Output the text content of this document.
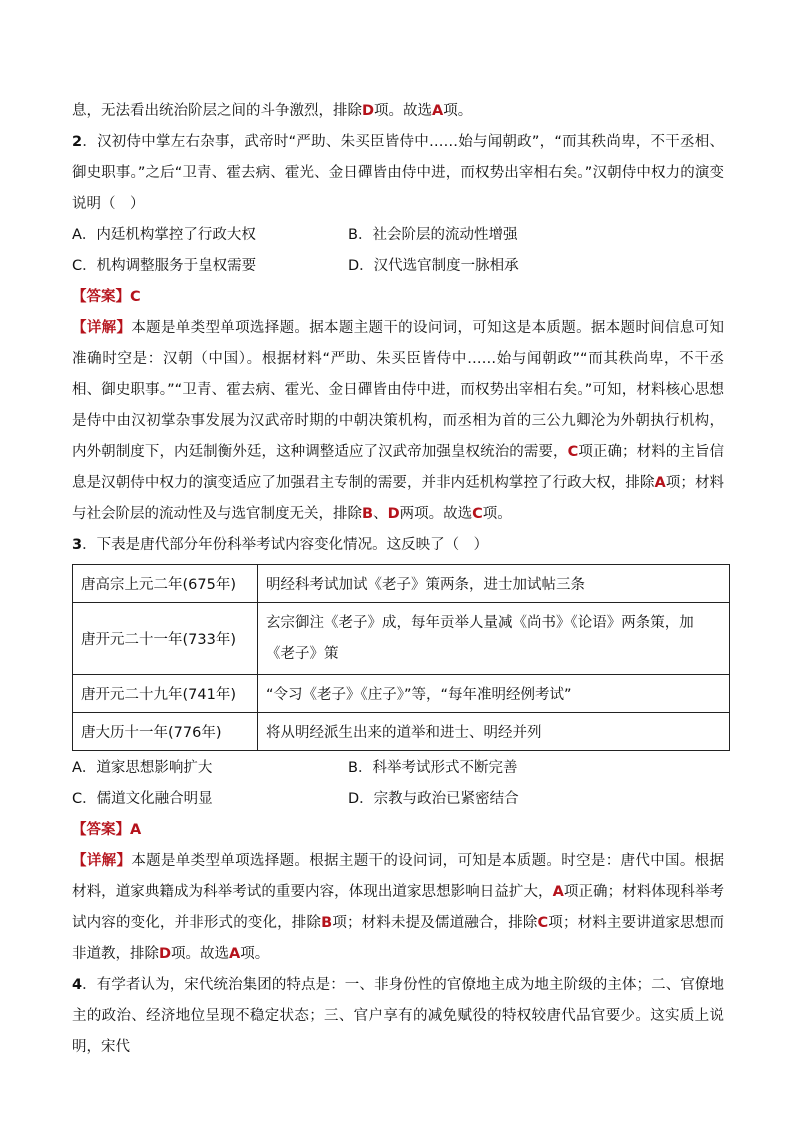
息，无法看出统治阶层之间的斗争激烈，排除D项。故选A项。

2．汉初侍中掌左右杂事，武帝时“严助、朱买臣皆侍中……始与闻朝政”，“而其秩尚卑，不干丞相、御史职事。”之后“卫青、霍去病、霍光、金日磾皆由侍中进，而权势出宰相右矣。”汉朝侍中权力的演变说明（　）

A．内廷机构掌控了行政大权	B．社会阶层的流动性增强
C．机构调整服务于皇权需要	D．汉代选官制度一脉相承

【答案】C

【详解】本题是单类型单项选择题。据本题主题干的设问词，可知这是本质题。据本题时间信息可知准确时空是：汉朝（中国）。根据材料“严助、朱买臣皆侍中……始与闻朝政”“而其秩尚卑，不干丞相、御史职事。”“卫青、霍去病、霍光、金日磾皆由侍中进，而权势出宰相右矣。”可知，材料核心思想是侍中由汉初掌杂事发展为汉武帝时期的中朝决策机构，而丞相为首的三公九卿沦为外朝执行机构，内外朝制度下，内廷制衡外廷，这种调整适应了汉武帝加强皇权统治的需要，C项正确；材料的主旨信息是汉朝侍中权力的演变适应了加强君主专制的需要，并非内廷机构掌控了行政大权，排除A项；材料与社会阶层的流动性及与选官制度无关，排除B、D两项。故选C项。

3．下表是唐代部分年份科举考试内容变化情况。这反映了（　）

唐高宗上元二年(675年)	明经科考试加试《老子》策两条，进士加试帖三条
唐开元二十一年(733年)	玄宗御注《老子》成，每年贡举人量减《尚书》《论语》两条策，加《老子》策
唐开元二十九年(741年)	“令习《老子》《庄子》”等，“每年准明经例考试”
唐大历十一年(776年)	将从明经派生出来的道举和进士、明经并列
A．道家思想影响扩大	B．科举考试形式不断完善
C．儒道文化融合明显	D．宗教与政治已紧密结合

【答案】A

【详解】本题是单类型单项选择题。根据主题干的设问词，可知是本质题。时空是：唐代中国。根据材料，道家典籍成为科举考试的重要内容，体现出道家思想影响日益扩大，A项正确；材料体现科举考试内容的变化，并非形式的变化，排除B项；材料未提及儒道融合，排除C项；材料主要讲道家思想而非道教，排除D项。故选A项。

4．有学者认为，宋代统治集团的特点是：一、非身份性的官僚地主成为地主阶级的主体；二、官僚地主的政治、经济地位呈现不稳定状态；三、官户享有的减免赋役的特权较唐代品官要少。这实质上说明，宋代
